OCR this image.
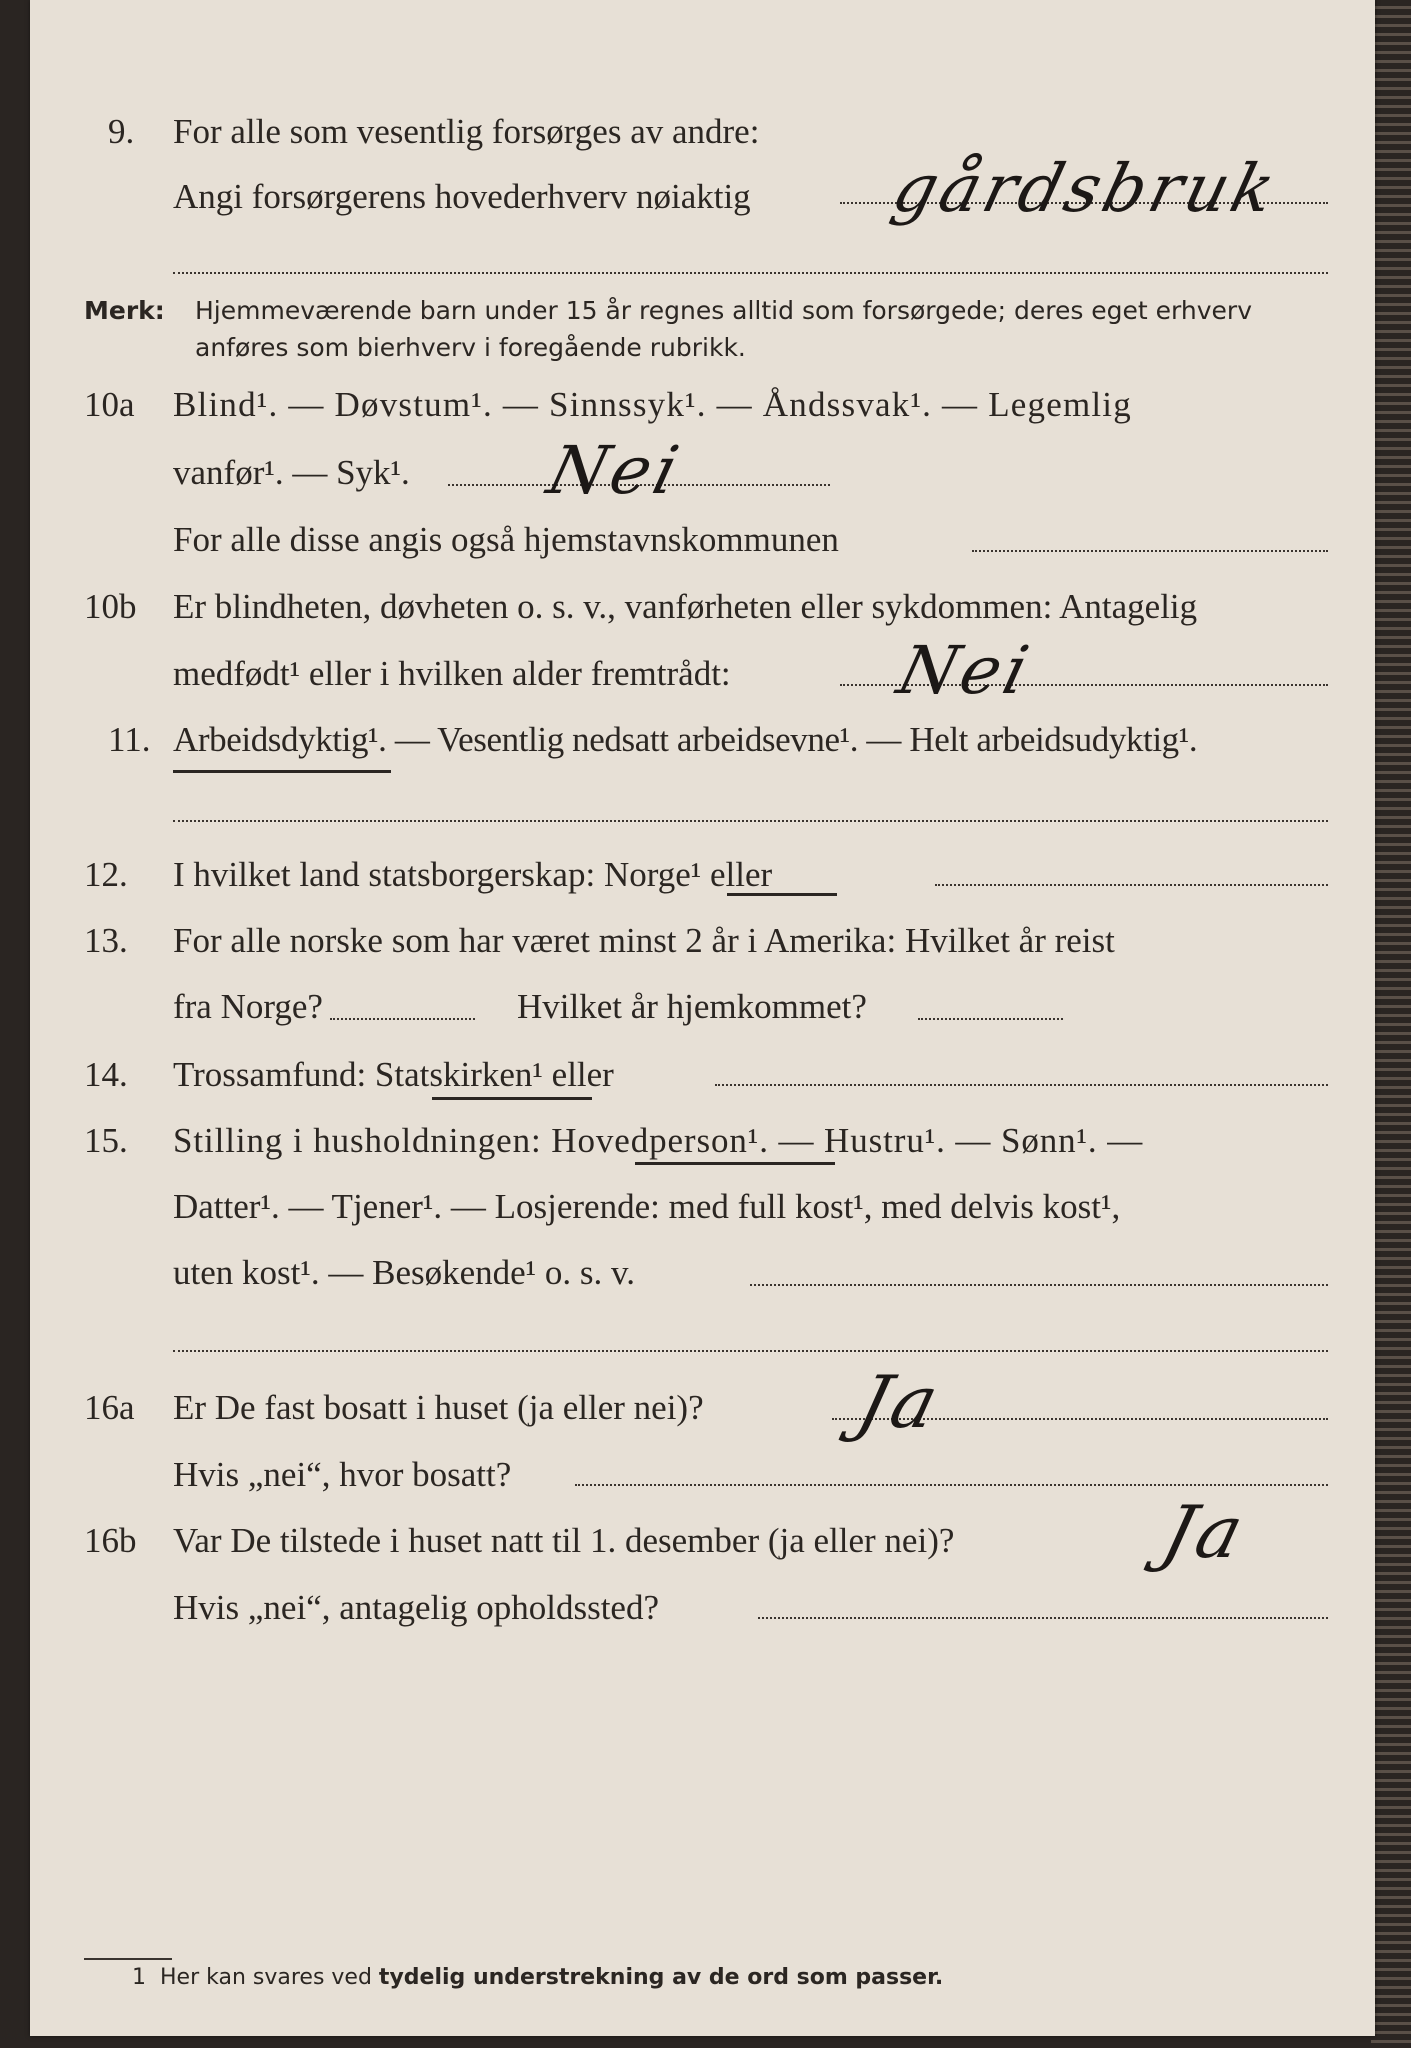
9. For alle som vesentlig forsørges av andre:
Angi forsørgerens hovederhverv nøiaktig gårdsbruk
Merk: Hjemmeværende barn under 15 år regnes alltid som forsørgede; deres eget erhverv
anføres som bierhverv i foregående rubrikk.
10a Blind¹. — Døvstum¹. — Sinnssyk¹. — Åndssvak¹. — Legemlig
vanfør¹. — Syk¹. Nei
For alle disse angis også hjemstavnskommunen
10b Er blindheten, døvheten o. s. v., vanførheten eller sykdommen: Antagelig
medfødt¹ eller i hvilken alder fremtrådt: Nei
11. Arbeidsdyktig¹. — Vesentlig nedsatt arbeidsevne¹. — Helt arbeidsudyktig¹.
12. I hvilket land statsborgerskap: Norge¹ eller
13. For alle norske som har været minst 2 år i Amerika: Hvilket år reist
fra Norge?	Hvilket år hjemkommet?
14. Trossamfund: Statskirken¹ eller
15. Stilling i husholdningen: Hovedperson¹. — Hustru¹. — Sønn¹. —
Datter¹. — Tjener¹. — Losjerende: med full kost¹, med delvis kost¹,
uten kost¹. — Besøkende¹ o. s. v.
16a Er De fast bosatt i huset (ja eller nei)? Ja
Hvis „nei“, hvor bosatt?
16b Var De tilstede i huset natt til 1. desember (ja eller nei)?	Ja
Hvis „nei“, antagelig opholdssted?
1 Her kan svares ved tydelig understrekning av de ord som passer.
